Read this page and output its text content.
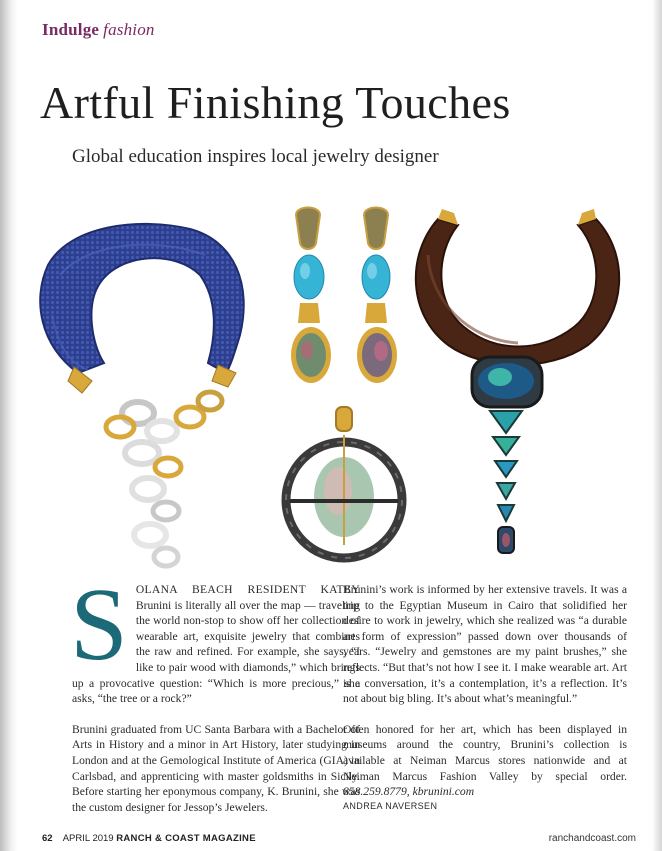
Indulge fashion
Artful Finishing Touches
Global education inspires local jewelry designer

SOLANA BEACH RESIDENT KATEY Brunini is literally all over the map — traveling the world non-stop to show off her collection of wearable art, exquisite jewelry that combines the raw and refined. For example, she says, “I like to pair wood with diamonds,” which brings up a provocative question: “Which is more precious,” she asks, “the tree or a rock?”

Brunini graduated from UC Santa Barbara with a Bachelor of Arts in History and a minor in Art History, later studying in London and at the Gemological Institute of America (GIA) in Carlsbad, and apprenticing with master goldsmiths in Sicily. Before starting her eponymous company, K. Brunini, she was the custom designer for Jessop’s Jewelers.

Brunini’s work is informed by her extensive travels. It was a trip to the Egyptian Museum in Cairo that solidified her desire to work in jewelry, which she realized was “a durable art form of expression” passed down over thousands of years. “Jewelry and gemstones are my paint brushes,” she reflects. “But that’s not how I see it. I make wearable art. Art is a conversation, it’s a contemplation, it’s a reflection. It’s not about big bling. It’s about what’s meaningful.”

Often honored for her art, which has been displayed in museums around the country, Brunini’s collection is available at Neiman Marcus stores nationwide and at Neiman Marcus Fashion Valley by special order. 858.259.8779, kbrunini.com
ANDREA NAVERSEN

62 APRIL 2019 RANCH & COAST MAGAZINE	ranchandcoast.com
